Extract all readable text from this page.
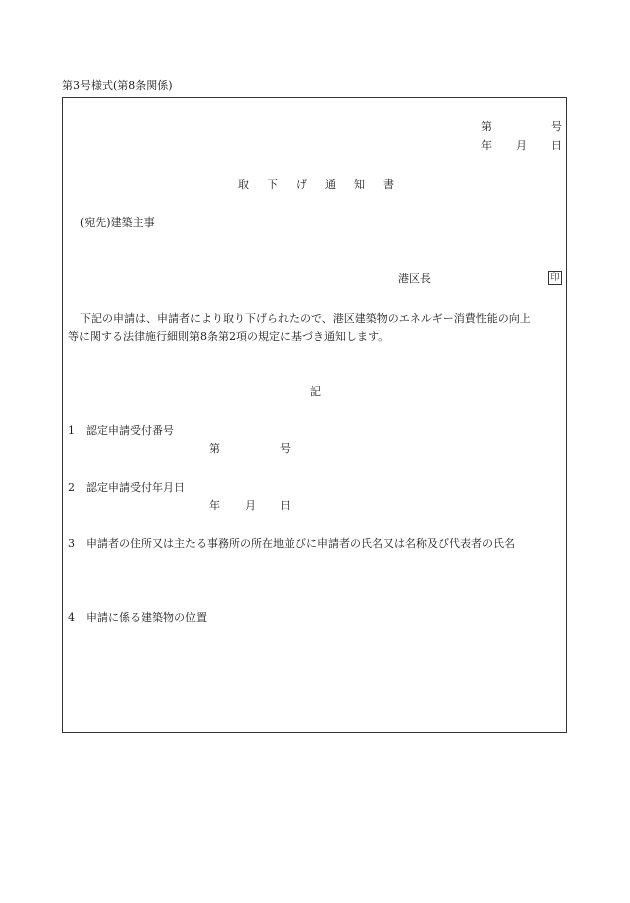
第3号様式(第8条関係)
第	号
年 月 日
取 下 げ 通 知 書
(宛先)建築主事
港区長	印

下記の申請は、申請者により取り下げられたので、港区建築物のエネルギー消費性能の向上

等に関する法律施行細則第8条第2項の規定に基づき通知します。

記
1　認定申請受付番号
第	号
2　認定申請受付年月日
年 月 日
3　申請者の住所又は主たる事務所の所在地並びに申請者の氏名又は名称及び代表者の氏名
4　申請に係る建築物の位置
